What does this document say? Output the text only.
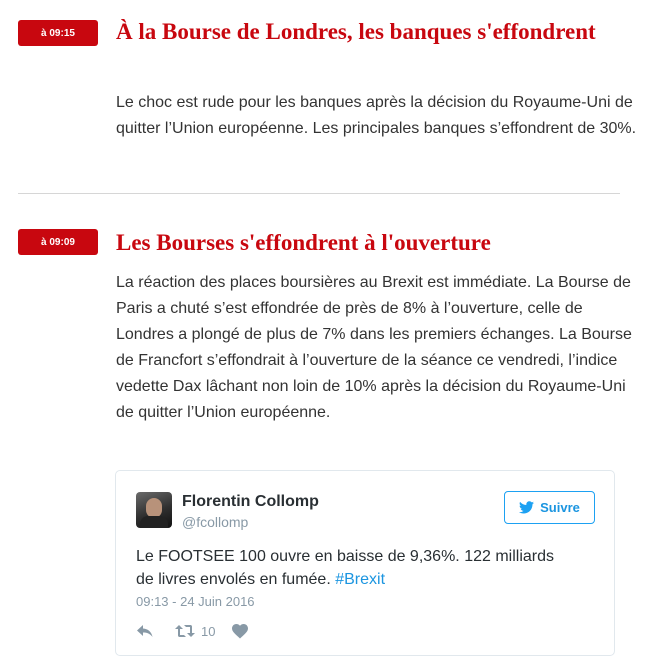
à 09:15	À la Bourse de Londres, les banques s'effondrent

Le choc est rude pour les banques après la décision du Royaume-Uni de quitter l’Union européenne. Les principales banques s’effondrent de 30%.

à 09:09	Les Bourses s'effondrent à l'ouverture

La réaction des places boursières au Brexit est immédiate. La Bourse de Paris a chuté s’est effondrée de près de 8% à l’ouverture, celle de Londres a plongé de plus de 7% dans les premiers échanges. La Bourse de Francfort s’effondrait à l’ouverture de la séance ce vendredi, l’indice vedette Dax lâchant non loin de 10% après la décision du Royaume-Uni de quitter l’Union européenne.

Florentin Collomp
@fcollomp
Suivre
Le FOOTSEE 100 ouvre en baisse de 9,36%. 122 milliards de livres envolés en fumée. #Brexit
09:13 - 24 Juin 2016
10
